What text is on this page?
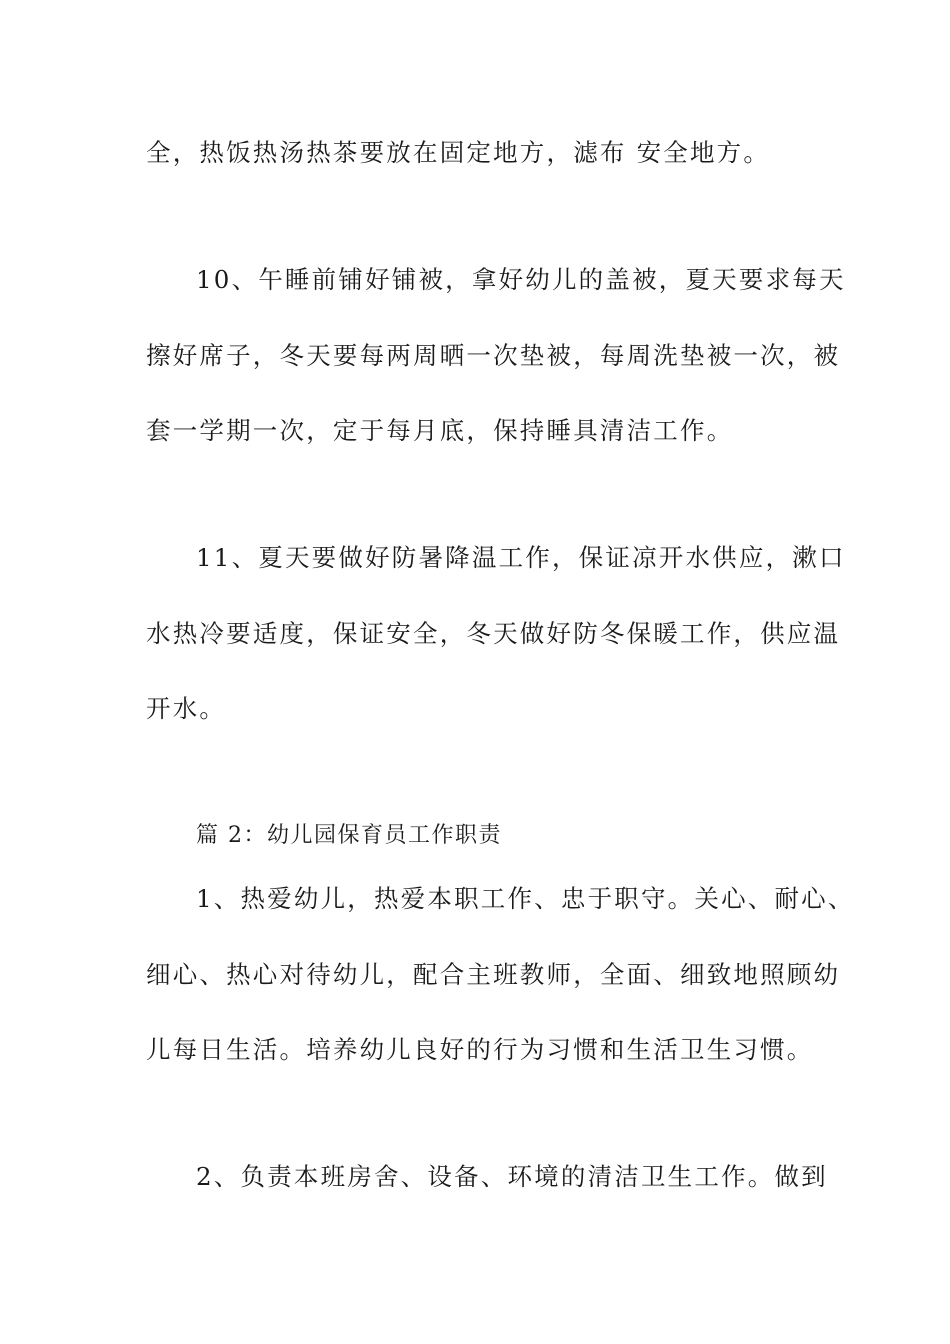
全，热饭热汤热茶要放在固定地方，滤布 安全地方。
10、午睡前铺好铺被，拿好幼儿的盖被，夏天要求每天
擦好席子，冬天要每两周晒一次垫被，每周洗垫被一次，被
套一学期一次，定于每月底，保持睡具清洁工作。
11、夏天要做好防暑降温工作，保证凉开水供应，漱口
水热冷要适度，保证安全，冬天做好防冬保暖工作，供应温
开水。
篇 2：幼儿园保育员工作职责
1、热爱幼儿，热爱本职工作、忠于职守。关心、耐心、
细心、热心对待幼儿，配合主班教师，全面、细致地照顾幼
儿每日生活。培养幼儿良好的行为习惯和生活卫生习惯。
2、负责本班房舍、设备、环境的清洁卫生工作。做到
